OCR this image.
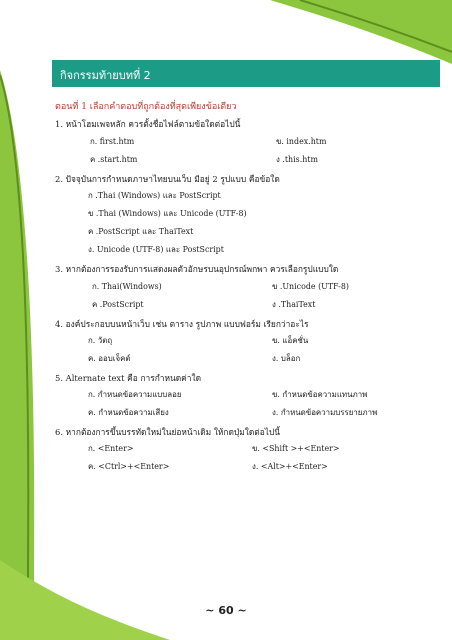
กิจกรรมท้ายบทที่ 2
ตอนที่ 1 เลือกคำตอบที่ถูกต้องที่สุดเพียงข้อเดียว
1. หน้าโฮมเพจหลัก ควรตั้งชื่อไฟล์ตามข้อใดต่อไปนี้
ก. first.htm	ข. index.htm
ค .start.htm	ง .this.htm
2. ปัจจุบันการกำหนดภาษาไทยบนเว็บ มีอยู่ 2 รูปแบบ คือข้อใด
ก .Thai (Windows) และ PostScript
ข .Thai (Windows) และ Unicode (UTF-8)
ค .PostScript และ ThaiText
ง. Unicode (UTF-8) และ PostScript
3. หากต้องการรองรับการแสดงผลตัวอักษรบนอุปกรณ์พกพา ควรเลือกรูปแบบใด
ก. Thai(Windows)	ข .Unicode (UTF-8)
ค .PostScript	ง .ThaiText
4. องค์ประกอบบนหน้าเว็บ เช่น ตาราง รูปภาพ แบบฟอร์ม เรียกว่าอะไร
ก. วัตถุ	ข. แอ็คชั่น
ค. ออบเจ็คต์	ง. บล็อก
5. Alternate text คือ การกำหนดค่าใด
ก. กำหนดข้อความแบบลอย	ข. กำหนดข้อความแทนภาพ
ค. กำหนดข้อความเสียง	ง. กำหนดข้อความบรรยายภาพ
6. หากต้องการขึ้นบรรทัดใหม่ในย่อหน้าเดิม ให้กดปุ่มใดต่อไปนี้
ก. <Enter>	ข. <Shift >+<Enter>
ค. <Ctrl>+<Enter>	ง. <Alt>+<Enter>
~ 60 ~
